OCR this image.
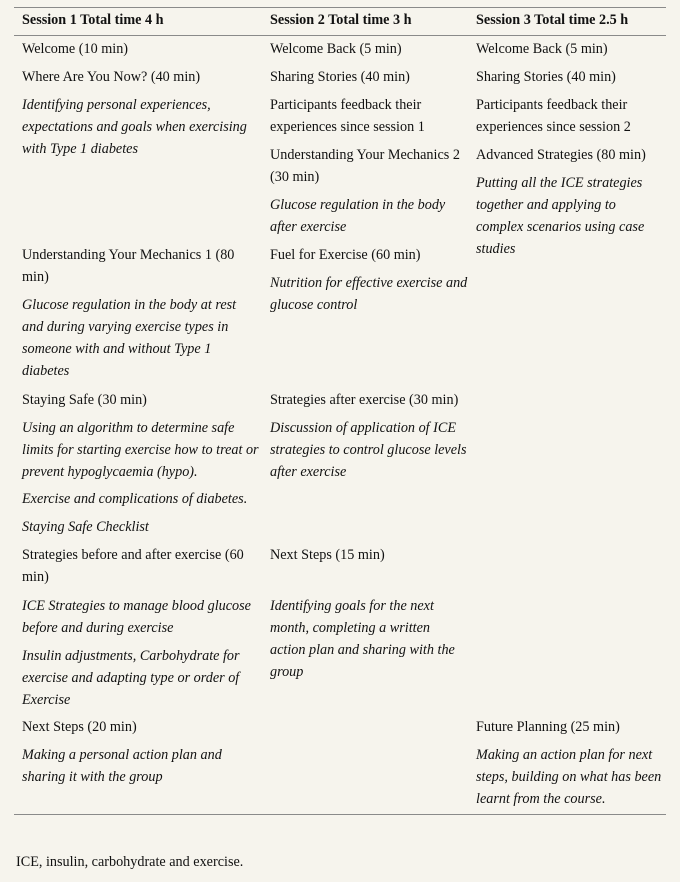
Session 1 Total time 4 h	Session 2 Total time 3 h	Session 3 Total time 2.5 h
Welcome (10 min)
Where Are You Now? (40 min)
Identifying personal experiences, expectations and goals when exercising with Type 1 diabetes
Understanding Your Mechanics 1 (80 min)
Glucose regulation in the body at rest and during varying exercise types in someone with and without Type 1 diabetes
Staying Safe (30 min)
Using an algorithm to determine safe limits for starting exercise how to treat or prevent hypoglycaemia (hypo).
Exercise and complications of diabetes.
Staying Safe Checklist
Strategies before and after exercise (60 min)
ICE Strategies to manage blood glucose before and during exercise
Insulin adjustments, Carbohydrate for exercise and adapting type or order of Exercise
Next Steps (20 min)
Making a personal action plan and sharing it with the group
Welcome Back (5 min)
Sharing Stories (40 min)
Participants feedback their experiences since session 1
Understanding Your Mechanics 2 (30 min)
Glucose regulation in the body after exercise
Fuel for Exercise (60 min)
Nutrition for effective exercise and glucose control
Strategies after exercise (30 min)
Discussion of application of ICE strategies to control glucose levels after exercise
Next Steps (15 min)
Identifying goals for the next month, completing a written action plan and sharing with the group
Welcome Back (5 min)
Sharing Stories (40 min)
Participants feedback their experiences since session 2
Advanced Strategies (80 min)
Putting all the ICE strategies together and applying to complex scenarios using case studies
Future Planning (25 min)
Making an action plan for next steps, building on what has been learnt from the course.
ICE, insulin, carbohydrate and exercise.
